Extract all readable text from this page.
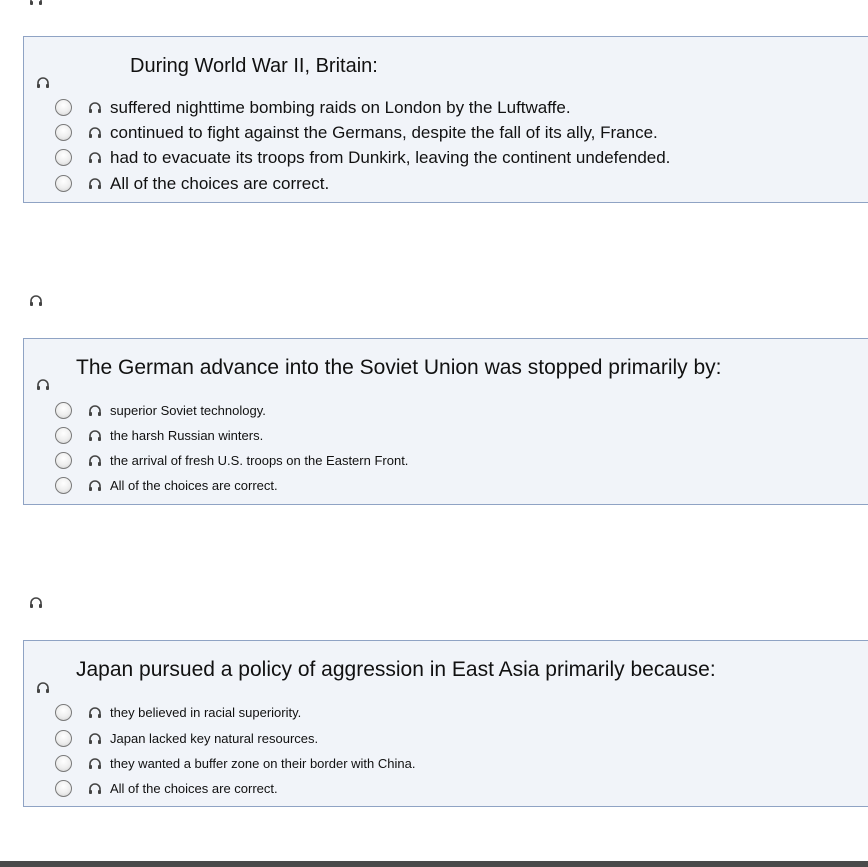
During World War II, Britain:
suffered nighttime bombing raids on London by the Luftwaffe.
continued to fight against the Germans, despite the fall of its ally, France.
had to evacuate its troops from Dunkirk, leaving the continent undefended.
All of the choices are correct.
The German advance into the Soviet Union was stopped primarily by:
superior Soviet technology.
the harsh Russian winters.
the arrival of fresh U.S. troops on the Eastern Front.
All of the choices are correct.
Japan pursued a policy of aggression in East Asia primarily because:
they believed in racial superiority.
Japan lacked key natural resources.
they wanted a buffer zone on their border with China.
All of the choices are correct.
